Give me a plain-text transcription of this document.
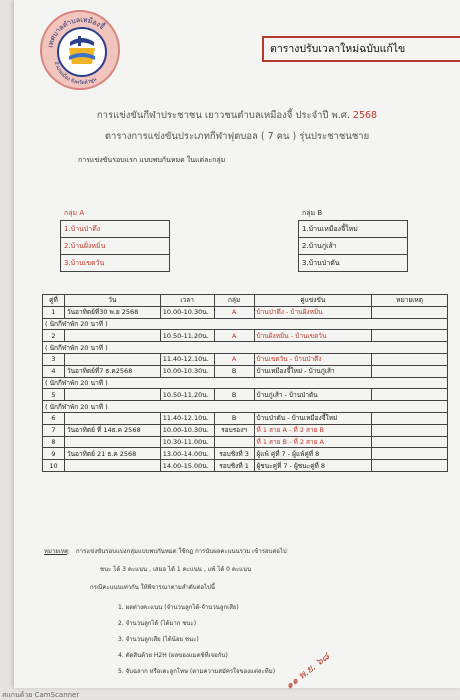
เทศบาลตำบลเหมืองจี้
อำเภอเมือง จังหวัดลำพูน
ตารางปรับเวลาใหม่ฉบับแก้ไข
การแข่งขันกีฬาประชาชน เยาวชนตำบลเหมืองจี้ ประจำปี พ.ศ. 2568
ตารางการแข่งขันประเภทกีฬาฟุตบอล ( 7 คน ) รุ่นประชาชนชาย
การแข่งขันรอบแรก แบบพบกันหมด ในแต่ละกลุ่ม
กลุ่ม A	กลุ่ม B
1.บ้านป่าตึง
2.บ้านฝั่งหมิ่น
3.บ้านเขตวัน
1.บ้านเหมืองจี้ใหม่
2.บ้านกู่เส้า
3.บ้านป่าตัน
คู่ที่	วัน	เวลา	กลุ่ม	คู่แข่งขัน	หมายเหตุ
1	วันอาทิตย์ที่30 พ.ย 2568	10.00-10.30น.	A	บ้านป่าตึง - บ้านฝั่งหมิ่น	
( นักกีฬาพัก 20 นาที )					
2		10.50-11.20น.	A	บ้านฝั่งหมิ่น - บ้านเขตวัน	
( นักกีฬาพัก 20 นาที )					
3		11.40-12.10น.	A	บ้านเขตวัน - บ้านป่าตึง	
4	วันอาทิตย์ที่7 ธ.ค2568	10.00-10.30น.	B	บ้านเหมืองจี้ใหม่ - บ้านกู่เส้า	
( นักกีฬาพัก 20 นาที )					
5		10.50-11.20น.	B	บ้านกู่เส้า - บ้านป่าตัน	
( นักกีฬาพัก 20 นาที )					
6		11.40-12.10น.	B	บ้านป่าตัน - บ้านเหมืองจี้ใหม่	
7	วันอาทิตย์ ที่ 14ธ.ค 2568	10.00-10.30น.	รอบรองฯ	ที่ 1 สาย A - ที่ 2 สาย B	
8		10.30-11.00น.		ที่ 1 สาย B - ที่ 2 สาย A	
9	วันอาทิตย์ 21 ธ.ค 2568	13.00-14.00น.	รอบชิงที่ 3	ผู้แพ้ คู่ที่ 7 - ผู้แพ้คู่ที่ 8	
10		14.00-15.00น.	รอบชิงที่ 1	ผู้ชนะคู่ที่ 7 - ผู้ชนะคู่ที่ 8	
หมายเหตุ การแข่งขันรอบแบ่งกลุ่มแบบพบกันหมด ใช้กฎ การนับผลคะแนนรวม เข้ารอบต่อไป
ชนะ ได้ 3 คะแนน , เสมอ ได้ 1 คะแนน , แพ้ ได้ 0 คะแนน
กรณีคะแนนเท่ากัน ให้พิจารณาตามลำดับต่อไปนี้
1. ผลต่างคะแนน (จำนวนลูกได้-จำนวนลูกเสีย)
2. จำนวนลูกได้ (ได้มาก ชนะ)
3. จำนวนลูกเสีย (ได้น้อย ชนะ)
4. ตัดสินด้วย H2H (ผลของแมตช์ที่เจอกัน)
5. จับฉลาก หรือเตะลูกโทษ (ตามความสมัครใจของแต่ละทีม) ๑๑ พ.ย. ๖๘
สแกนด้วย CamScanner
